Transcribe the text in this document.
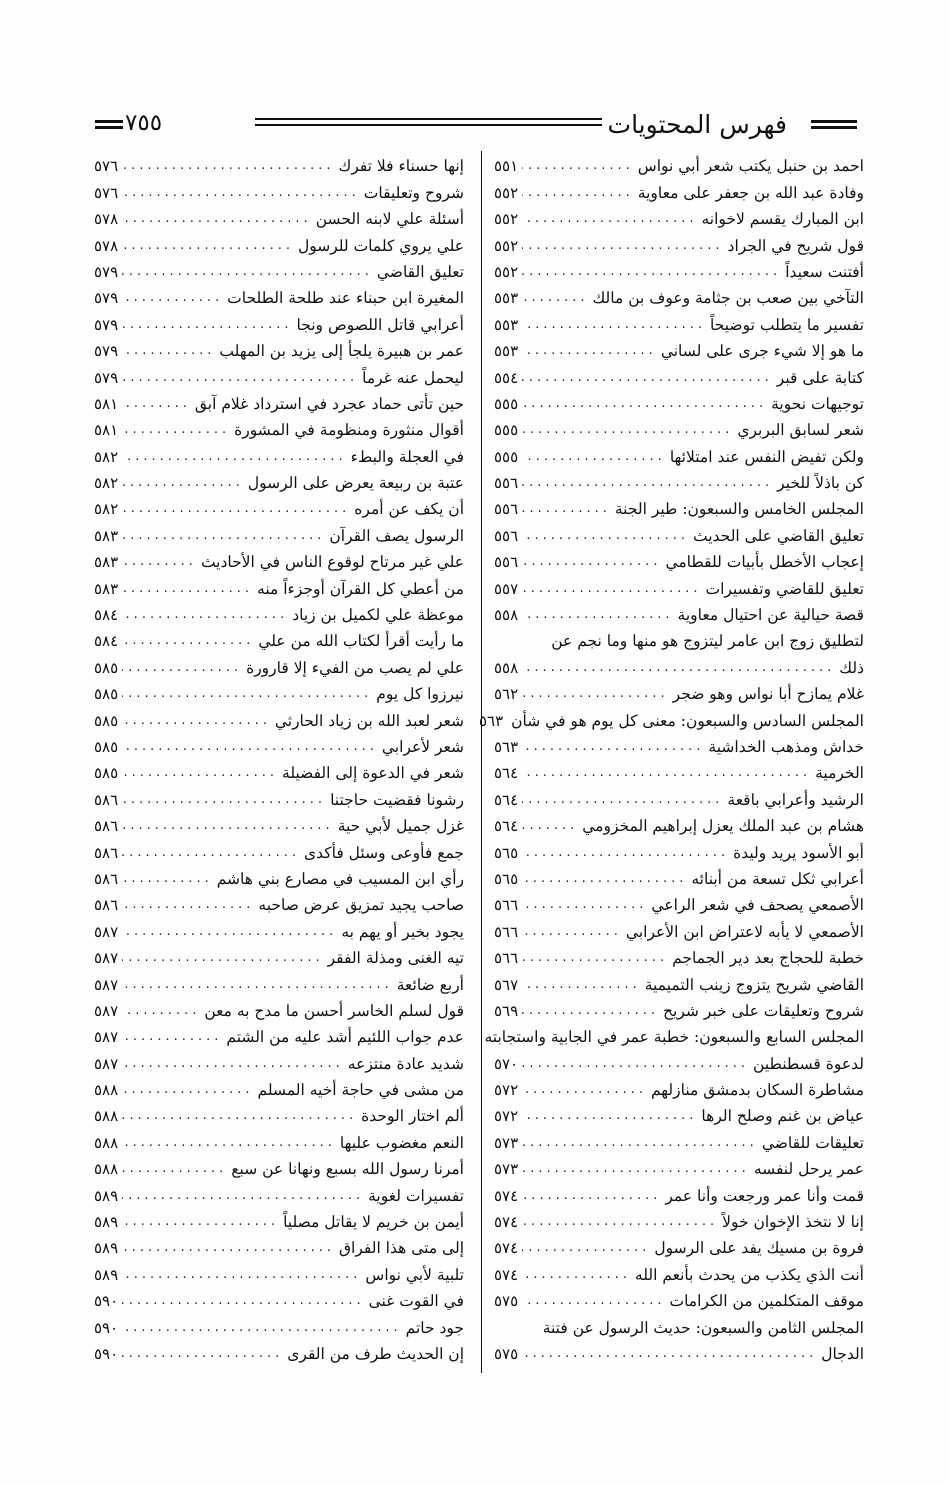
فهرس المحتويات
٧٥٥
احمد بن حنبل يكتب شعر أبي نواس
.....
٥٥١
وفادة عبد الله بن جعفر على معاوية
.....
٥٥٢
ابن المبارك يقسم لاخوانه
.....
٥٥٢
قول شريح في الجراد
.....
٥٥٢
أفتنت سعيداً
.....
٥٥٢
التآخي بين صعب بن جثامة وعوف بن مالك
.....
٥٥٣
تفسير ما يتطلب توضيحاً
.....
٥٥٣
ما هو إلا شيء جرى على لساني
.....
٥٥٣
كتابة على قبر
.....
٥٥٤
توجيهات نحوية
.....
٥٥٥
شعر لسابق البربري
.....
٥٥٥
ولكن تفيض النفس عند امتلائها
.....
٥٥٥
كن باذلاً للخير
.....
٥٥٦
المجلس الخامس والسبعون: طير الجنة
.....
٥٥٦
تعليق القاضي على الحديث
.....
٥٥٦
إعجاب الأخطل بأبيات للقطامي
.....
٥٥٦
تعليق للقاضي وتفسيرات
.....
٥٥٧
قصة حيالية عن احتيال معاوية
.....
٥٥٨
لتطليق زوج ابن عامر ليتزوج هو منها وما نجم عن
ذلك
.....
٥٥٨
غلام يمازح أبا نواس وهو ضجر
.....
٥٦٢
المجلس السادس والسبعون: معنى كل يوم هو في شأن
٥٦٣
خداش ومذهب الخداشية
.....
٥٦٣
الخرمية
.....
٥٦٤
الرشيد وأعرابي باقعة
.....
٥٦٤
هشام بن عبد الملك يعزل إبراهيم المخزومي
.....
٥٦٤
أبو الأسود يريد وليدة
.....
٥٦٥
أعرابي ثكل تسعة من أبنائه
.....
٥٦٥
الأصمعي يصحف في شعر الراعي
.....
٥٦٦
الأصمعي لا يأبه لاعتراض ابن الأعرابي
.....
٥٦٦
خطبة للحجاج بعد دير الجماجم
.....
٥٦٦
القاضي شريح يتزوج زينب التميمية
.....
٥٦٧
شروح وتعليقات على خبر شريح
.....
٥٦٩
المجلس السابع والسبعون: خطبة عمر في الجابية واستجابته
لدعوة قسطنطين
.....
٥٧٠
مشاطرة السكان بدمشق منازلهم
.....
٥٧٢
عياض بن غنم وصلح الرها
.....
٥٧٢
تعليقات للقاضي
.....
٥٧٣
عمر يرحل لنفسه
.....
٥٧٣
قمت وأنا عمر ورجعت وأنا عمر
.....
٥٧٤
إنا لا نتخذ الإخوان خولاً
.....
٥٧٤
فروة بن مسيك يفد على الرسول
.....
٥٧٤
أنت الذي يكذب من يحدث بأنعم الله
.....
٥٧٤
موقف المتكلمين من الكرامات
.....
٥٧٥
المجلس الثامن والسبعون: حديث الرسول عن فتنة
الدجال
.....
٥٧٥
إنها حسناء فلا تفرك
.....
٥٧٦
شروح وتعليقات
.....
٥٧٦
أسئلة علي لابنه الحسن
.....
٥٧٨
علي يروي كلمات للرسول
.....
٥٧٨
تعليق القاضي
.....
٥٧٩
المغيرة ابن حبناء عند طلحة الطلحات
.....
٥٧٩
أعرابي قاتل اللصوص ونجا
.....
٥٧٩
عمر بن هبيرة يلجأ إلى يزيد بن المهلب
.....
٥٧٩
ليحمل عنه غرماً
.....
٥٧٩
حين تأتى حماد عجرد في استرداد غلام آبق
.....
٥٨١
أقوال منثورة ومنظومة في المشورة
.....
٥٨١
في العجلة والبطء
.....
٥٨٢
عتبة بن ربيعة يعرض على الرسول
.....
٥٨٢
أن يكف عن أمره
.....
٥٨٢
الرسول يصف القرآن
.....
٥٨٣
علي غير مرتاح لوقوع الناس في الأحاديث
.....
٥٨٣
من أعطي كل القرآن أوجزءاً منه
.....
٥٨٣
موعظة علي لكميل بن زياد
.....
٥٨٤
ما رأيت أقرأ لكتاب الله من علي
.....
٥٨٤
علي لم يصب من الفيء إلا قارورة
.....
٥٨٥
نيرزوا كل يوم
.....
٥٨٥
شعر لعبد الله بن زياد الحارثي
.....
٥٨٥
شعر لأعرابي
.....
٥٨٥
شعر في الدعوة إلى الفضيلة
.....
٥٨٥
رشونا فقضيت حاجتنا
.....
٥٨٦
غزل جميل لأبي حية
.....
٥٨٦
جمع فأوعى وسئل فأكدى
.....
٥٨٦
رأي ابن المسيب في مصارع بني هاشم
.....
٥٨٦
صاحب يجيد تمزيق عرض صاحبه
.....
٥٨٦
يجود بخير أو يهم به
.....
٥٨٧
تيه الغنى ومذلة الفقر
.....
٥٨٧
أربع ضائعة
.....
٥٨٧
قول لسلم الخاسر أحسن ما مدح به معن
.....
٥٨٧
عدم جواب اللئيم أشد عليه من الشتم
.....
٥٨٧
شديد عادة منتزعه
.....
٥٨٧
من مشى في حاجة أخيه المسلم
.....
٥٨٨
ألم اختار الوحدة
.....
٥٨٨
النعم مغضوب عليها
.....
٥٨٨
أمرنا رسول الله بسبع ونهانا عن سبع
.....
٥٨٨
تفسيرات لغوية
.....
٥٨٩
أيمن بن خريم لا يقاتل مصلياً
.....
٥٨٩
إلى متى هذا الفراق
.....
٥٨٩
تلبية لأبي نواس
.....
٥٨٩
في القوت غنى
.....
٥٩٠
جود حاتم
.....
٥٩٠
إن الحديث طرف من القرى
.....
٥٩٠
